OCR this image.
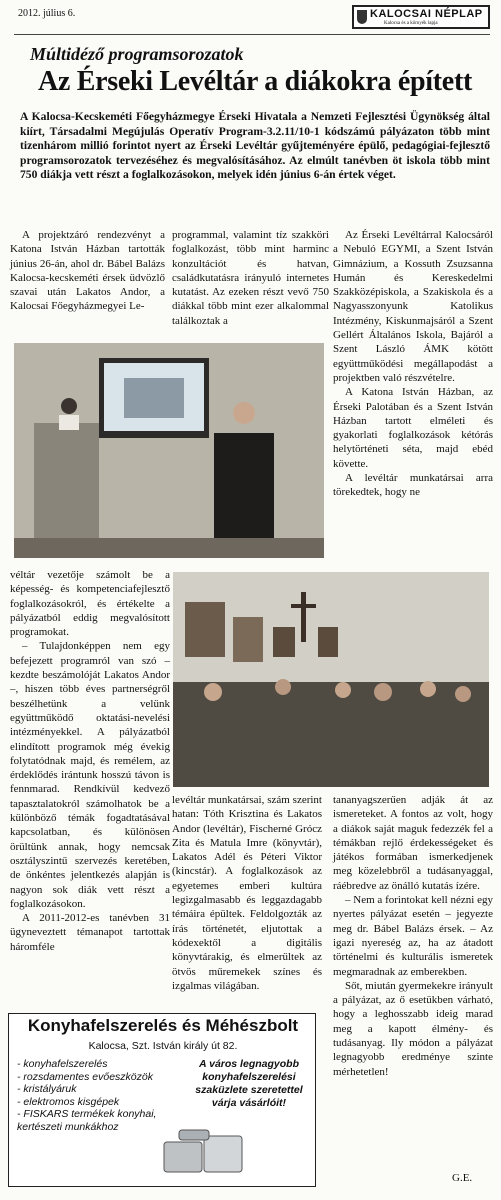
2012. július 6.	KALOCSAI NÉPLAP
Kalocsa és a környék lapja
Múltidéző programsorozatok
Az Érseki Levéltár a diákokra épített
A Kalocsa-Kecskeméti Főegyházmegye Érseki Hivatala a Nemzeti Fejlesztési Ügynökség által kiírt, Társadalmi Megújulás Operatív Program-3.2.11/10-1 kódszámú pályázaton több mint tizenhárom millió forintot nyert az Érseki Levéltár gyűjteményére épülő, pedagógiai-fejlesztő programsorozatok tervezéséhez és megvalósításához. Az elmúlt tanévben öt iskola több mint 750 diákja vett részt a foglalkozásokon, melyek idén június 6-án értek véget.

A projektzáró rendezvényt a Katona István Házban tartották június 26-án, ahol dr. Bábel Balázs Kalocsa-kecskeméti érsek üdvözlő szavai után Lakatos Andor, a Kalocsai Főegyházmegyei Le-

programmal, valamint tíz szakköri foglalkozást, több mint harminc konzultációt és hatvan, családkutatásra irányuló internetes kutatást. Az ezeken részt vevő 750 diákkal több mint ezer alkalommal találkoztak a

Az Érseki Levéltárral Kalocsáról a Nebuló EGYMI, a Szent István Gimnázium, a Kossuth Zsuzsanna Humán és Kereskedelmi Szakközépiskola, a Szakiskola és a Nagyasszonyunk Katolikus Intézmény, Kiskunmajsáról a Szent Gellért Általános Iskola, Bajáról a Szent László ÁMK kötött együttműködési megállapodást a projektben való részvételre.

A Katona István Házban, az Érseki Palotában és a Szent István Házban tartott elméleti és gyakorlati foglalkozások kétórás helytörténeti séta, majd ebéd követte.

A levéltár munkatársai arra törekedtek, hogy ne

véltár vezetője számolt be a képesség- és kompetenciafejlesztő foglalkozásokról, és értékelte a pályázatból eddig megvalósított programokat.

– Tulajdonképpen nem egy befejezett programról van szó – kezdte beszámolóját Lakatos Andor –, hiszen több éves partnerségről beszélhetünk a velünk együttműködő oktatási-nevelési intézményekkel. A pályázatból elindított programok még évekig folytatódnak majd, és remélem, az érdeklődés irántunk hosszú távon is fennmarad. Rendkívül kedvező tapasztalatokról számolhatok be a különböző témák fogadtatásával kapcsolatban, és különösen örültünk annak, hogy nemcsak osztályszintű szervezés keretében, de önkéntes jelentkezés alapján is nagyon sok diák vett részt a foglalkozásokon.

A 2011-2012-es tanévben 31 ügyneveztett témanapot tartottak háromféle

levéltár munkatársai, szám szerint hatan: Tóth Krisztina és Lakatos Andor (levéltár), Fischerné Grócz Zita és Matula Imre (könyvtár), Lakatos Adél és Péteri Viktor (kincstár). A foglalkozások az egyetemes emberi kultúra legizgalmasabb és leggazdagabb témáira épültek. Feldolgozták az írás történetét, eljutottak a kódexektől a digitális könyvtárakig, és elmerültek az ötvös műremekek színes és izgalmas világában.

tananyagszerűen adják át az ismereteket. A fontos az volt, hogy a diákok saját maguk fedezzék fel a témákban rejlő érdekességeket és játékos formában ismerkedjenek meg közelebbről a tudásanyaggal, ráébredve az önálló kutatás ízére.

– Nem a forintokat kell nézni egy nyertes pályázat esetén – jegyezte meg dr. Bábel Balázs érsek. – Az igazi nyereség az, ha az átadott történelmi és kulturális ismeretek megmaradnak az emberekben.

Sőt, miután gyermekekre irányult a pályázat, az ő esetükben várható, hogy a leghosszabb ideig marad meg a kapott élmény- és tudásanyag. Ily módon a pályázat legnagyobb eredménye szinte mérhetetlen!

Konyhafelszerelés és Méhészbolt
Kalocsa, Szt. István király út 82.
- konyhafelszerelés
- rozsdamentes evőeszközök
- kristályáruk
- elektromos kisgépek
- FISKARS termékek konyhai,
kertészeti munkákhoz
A város legnagyobb konyhafelszerelési szaküzlete szeretettel várja vásárlóit!
G.E.
